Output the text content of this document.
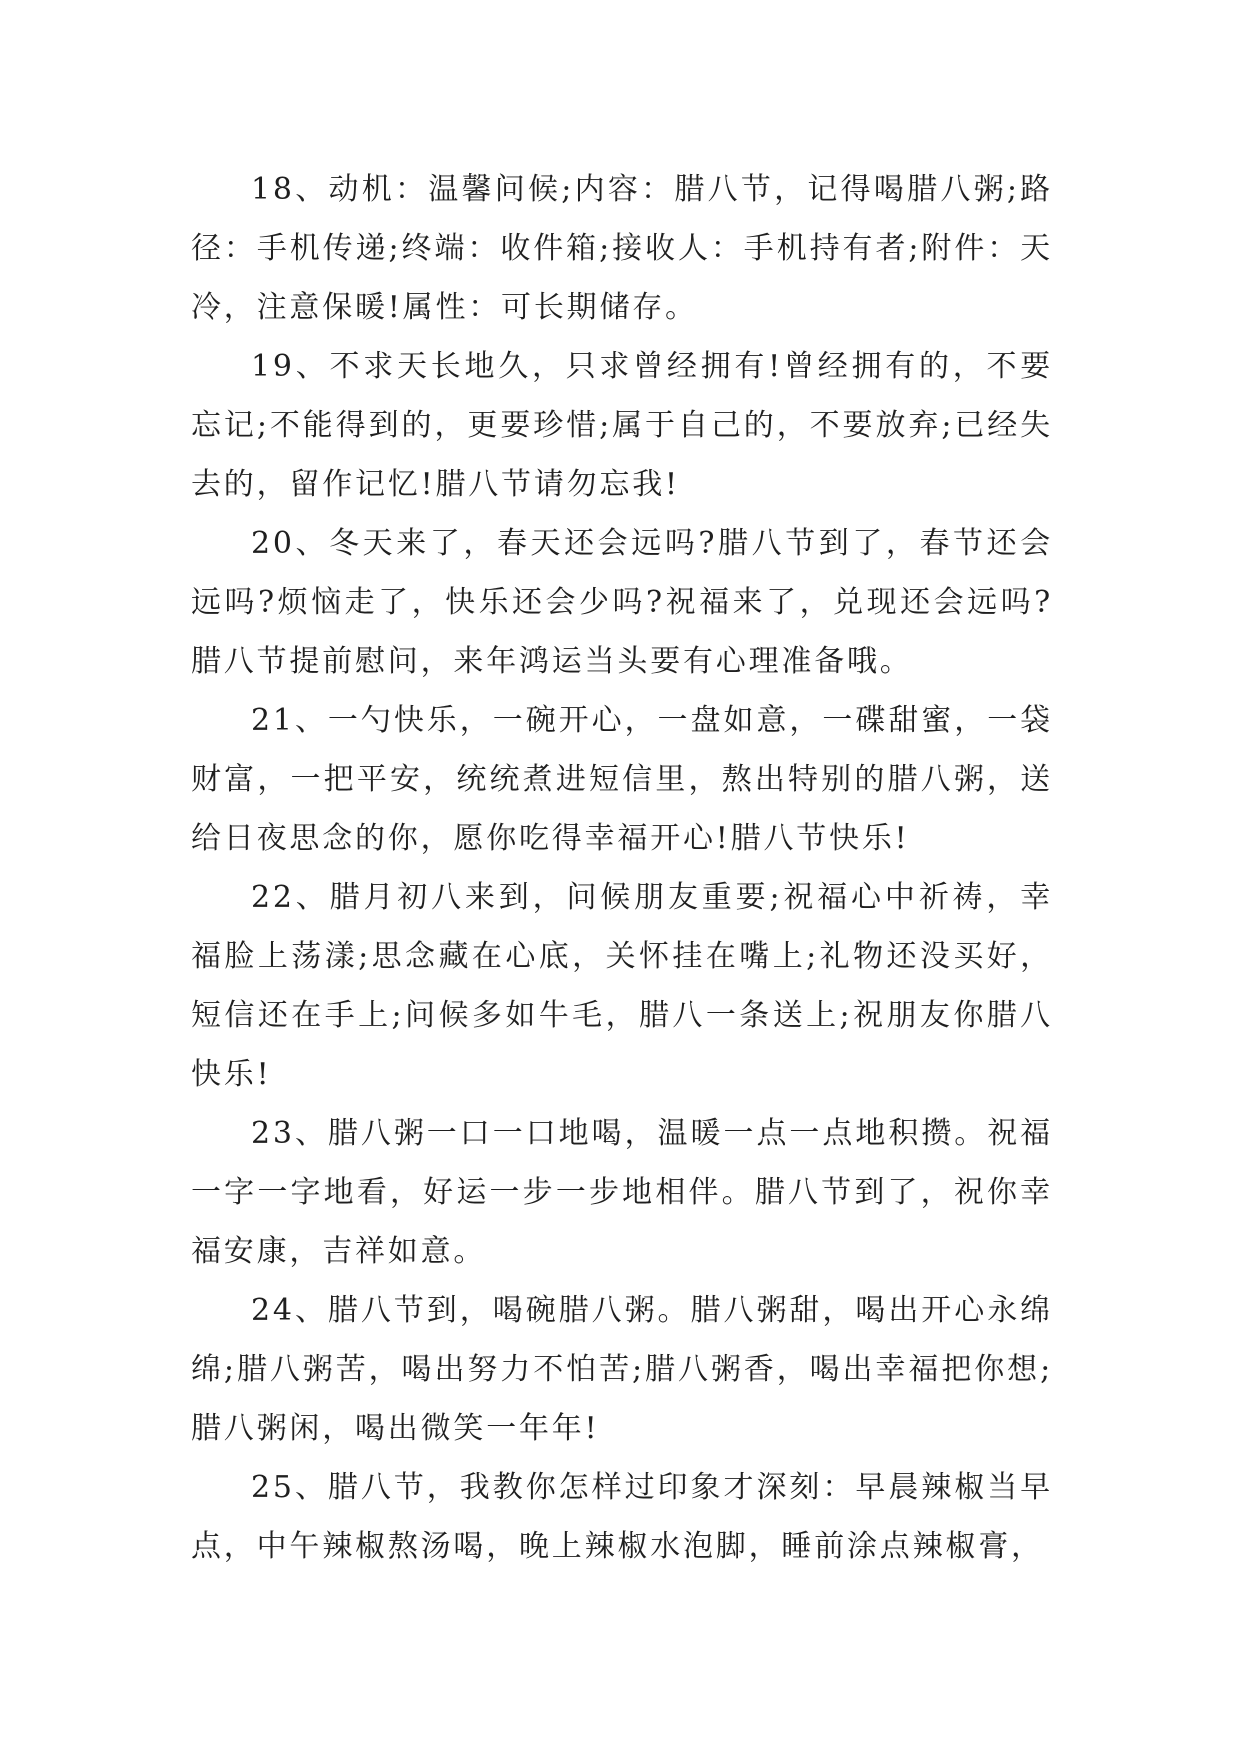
18、动机：温馨问候;内容：腊八节，记得喝腊八粥;路径：手机传递;终端：收件箱;接收人：手机持有者;附件：天冷，注意保暖!属性：可长期储存。

19、不求天长地久，只求曾经拥有!曾经拥有的，不要忘记;不能得到的，更要珍惜;属于自己的，不要放弃;已经失去的，留作记忆!腊八节请勿忘我!

20、冬天来了，春天还会远吗?腊八节到了，春节还会远吗?烦恼走了，快乐还会少吗?祝福来了，兑现还会远吗?腊八节提前慰问，来年鸿运当头要有心理准备哦。

21、一勺快乐，一碗开心，一盘如意，一碟甜蜜，一袋财富，一把平安，统统煮进短信里，熬出特别的腊八粥，送给日夜思念的你，愿你吃得幸福开心!腊八节快乐!

22、腊月初八来到，问候朋友重要;祝福心中祈祷，幸福脸上荡漾;思念藏在心底，关怀挂在嘴上;礼物还没买好，短信还在手上;问候多如牛毛，腊八一条送上;祝朋友你腊八快乐!

23、腊八粥一口一口地喝，温暖一点一点地积攒。祝福一字一字地看，好运一步一步地相伴。腊八节到了，祝你幸福安康，吉祥如意。

24、腊八节到，喝碗腊八粥。腊八粥甜，喝出开心永绵绵;腊八粥苦，喝出努力不怕苦;腊八粥香，喝出幸福把你想;腊八粥闲，喝出微笑一年年!

25、腊八节，我教你怎样过印象才深刻：早晨辣椒当早点，中午辣椒熬汤喝，晚上辣椒水泡脚，睡前涂点辣椒膏，
